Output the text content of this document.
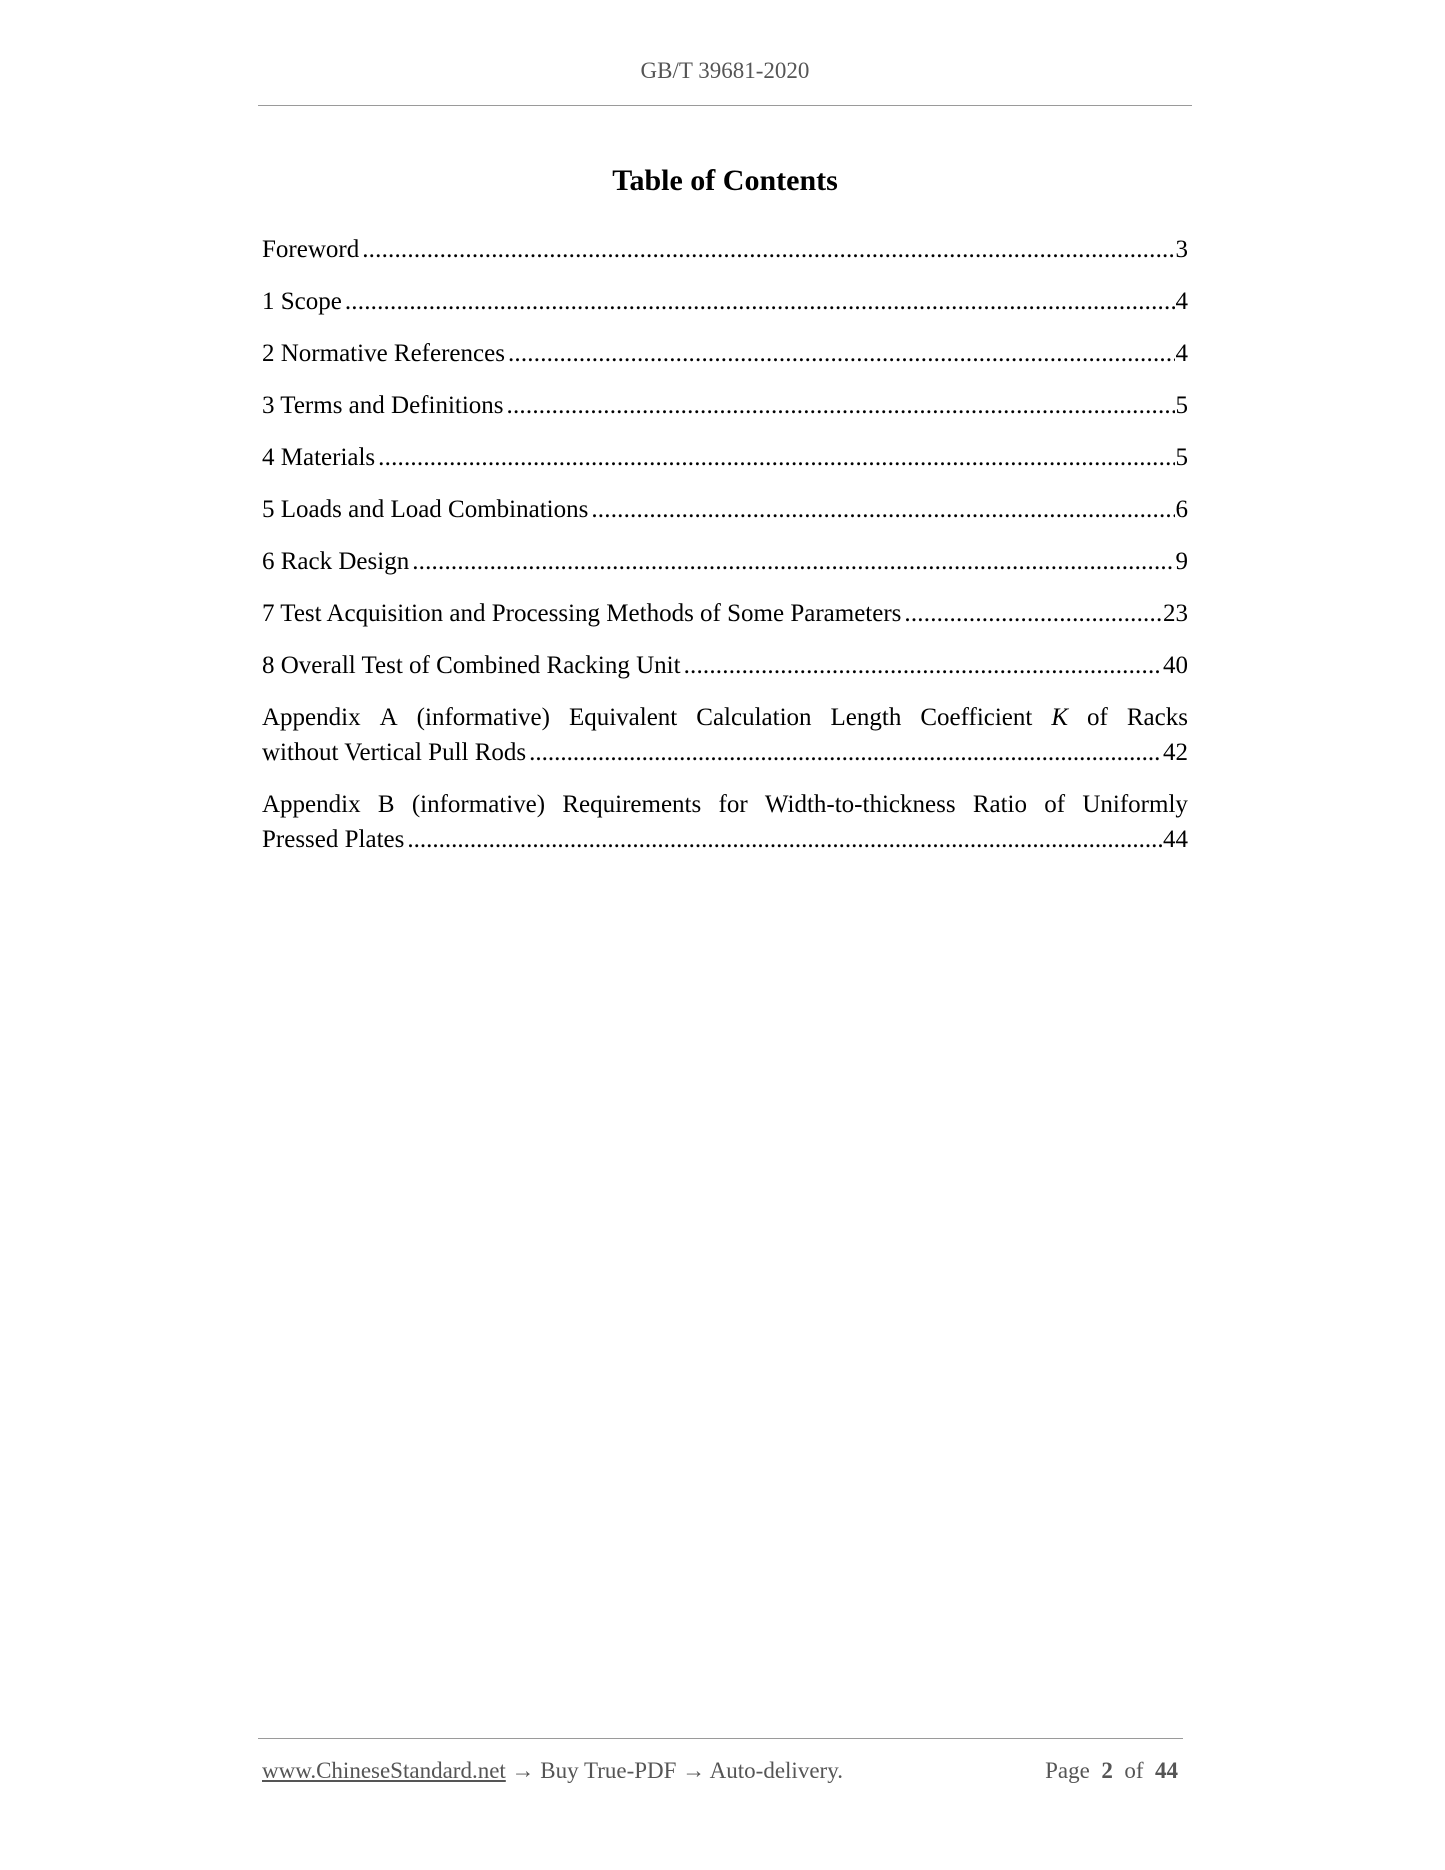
GB/T 39681-2020
Table of Contents
Foreword .....	3
1 Scope .....	4
2 Normative References .....	4
3 Terms and Definitions .....	5
4 Materials .....	5
5 Loads and Load Combinations .....	6
6 Rack Design .....	9
7 Test Acquisition and Processing Methods of Some Parameters .....	23
8 Overall Test of Combined Racking Unit .....	40
Appendix A (informative) Equivalent Calculation Length Coefficient K of Racks
without Vertical Pull Rods .....	42
Appendix B (informative) Requirements for Width-to-thickness Ratio of Uniformly
Pressed Plates .....	44
www.ChineseStandard.net → Buy True-PDF → Auto-delivery.	Page 2 of 44
